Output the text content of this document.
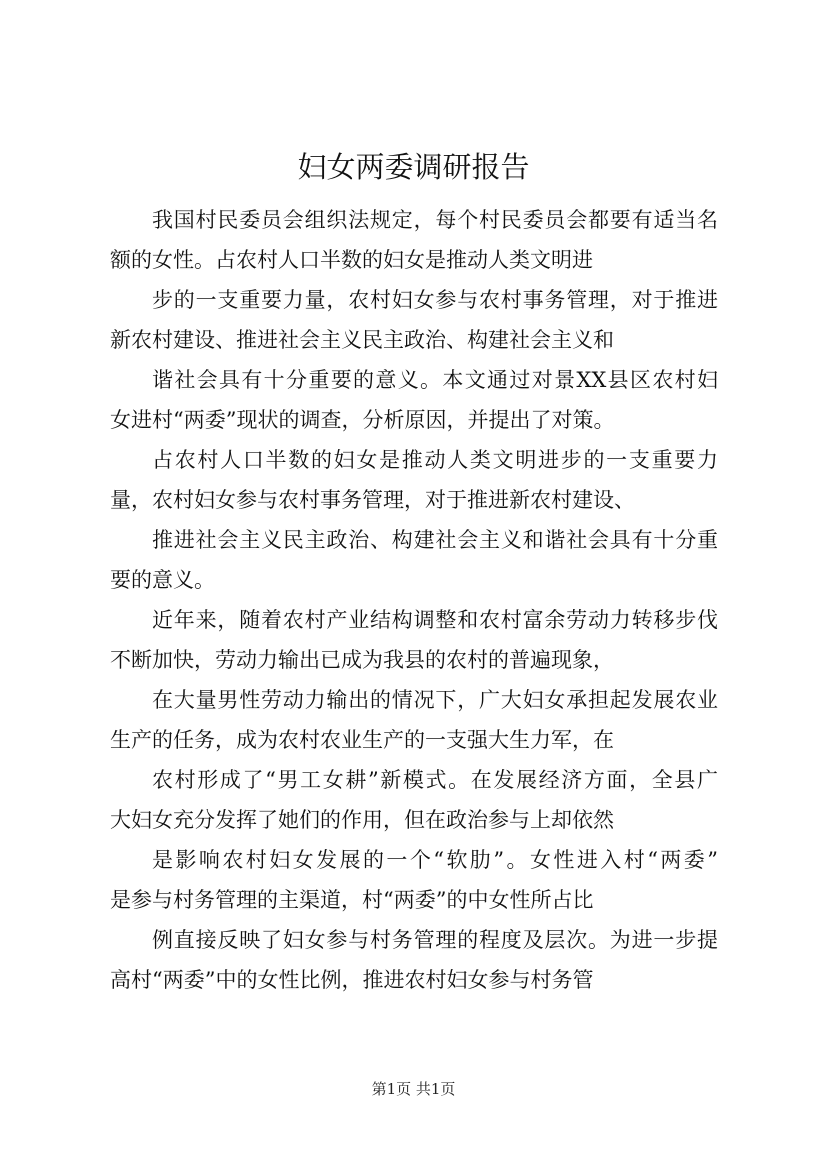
妇女两委调研报告
我国村民委员会组织法规定，每个村民委员会都要有适当名
额的女性。占农村人口半数的妇女是推动人类文明进
步的一支重要力量，农村妇女参与农村事务管理，对于推进
新农村建设、推进社会主义民主政治、构建社会主义和
谐社会具有十分重要的意义。本文通过对景XX县区农村妇
女进村“两委”现状的调查，分析原因，并提出了对策。
占农村人口半数的妇女是推动人类文明进步的一支重要力
量，农村妇女参与农村事务管理，对于推进新农村建设、
推进社会主义民主政治、构建社会主义和谐社会具有十分重
要的意义。
近年来，随着农村产业结构调整和农村富余劳动力转移步伐
不断加快，劳动力输出已成为我县的农村的普遍现象，
在大量男性劳动力输出的情况下，广大妇女承担起发展农业
生产的任务，成为农村农业生产的一支强大生力军，在
农村形成了“男工女耕”新模式。在发展经济方面，全县广
大妇女充分发挥了她们的作用，但在政治参与上却依然
是影响农村妇女发展的一个“软肋”。女性进入村“两委”
是参与村务管理的主渠道，村“两委”的中女性所占比
例直接反映了妇女参与村务管理的程度及层次。为进一步提
高村“两委”中的女性比例，推进农村妇女参与村务管
第1页 共1页
